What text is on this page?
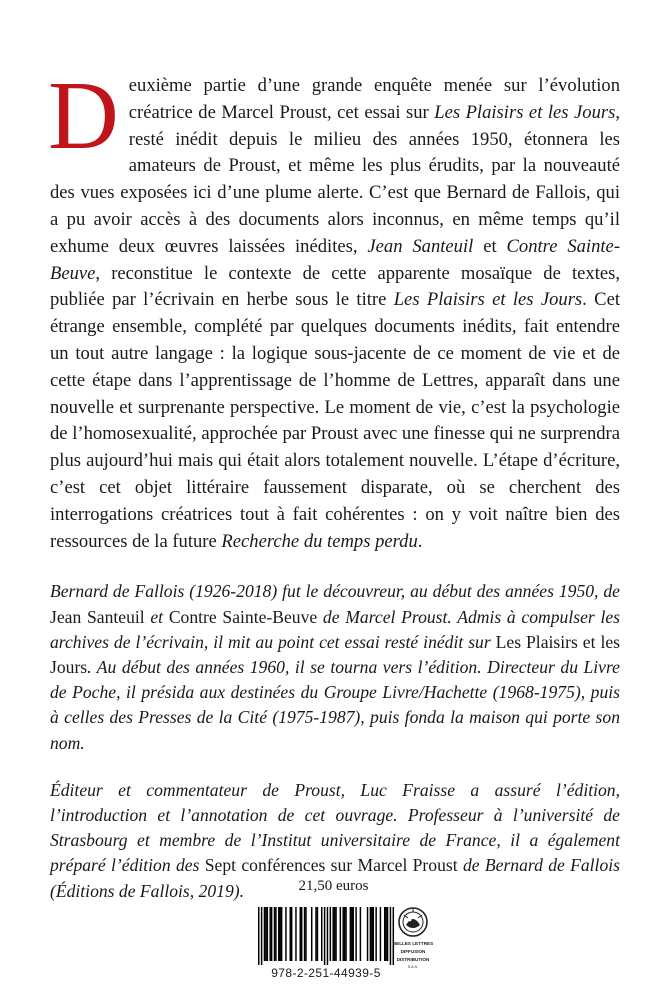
Deuxième partie d’une grande enquête menée sur l’évolution créatrice de Marcel Proust, cet essai sur Les Plaisirs et les Jours, resté inédit depuis le milieu des années 1950, étonnera les amateurs de Proust, et même les plus érudits, par la nouveauté des vues exposées ici d’une plume alerte. C’est que Bernard de Fallois, qui a pu avoir accès à des documents alors inconnus, en même temps qu’il exhume deux œuvres laissées inédites, Jean Santeuil et Contre Sainte-Beuve, reconstitue le contexte de cette apparente mosaïque de textes, publiée par l’écrivain en herbe sous le titre Les Plaisirs et les Jours. Cet étrange ensemble, complété par quelques documents inédits, fait entendre un tout autre langage : la logique sous-jacente de ce moment de vie et de cette étape dans l’apprentissage de l’homme de Lettres, apparaît dans une nouvelle et surprenante perspective. Le moment de vie, c’est la psychologie de l’homosexualité, approchée par Proust avec une finesse qui ne surprendra plus aujourd’hui mais qui était alors totalement nouvelle. L’étape d’écriture, c’est cet objet littéraire faussement disparate, où se cherchent des interrogations créatrices tout à fait cohérentes : on y voit naître bien des ressources de la future Recherche du temps perdu.

Bernard de Fallois (1926-2018) fut le découvreur, au début des années 1950, de Jean Santeuil et Contre Sainte-Beuve de Marcel Proust. Admis à compulser les archives de l’écrivain, il mit au point cet essai resté inédit sur Les Plaisirs et les Jours. Au début des années 1960, il se tourna vers l’édition. Directeur du Livre de Poche, il présida aux destinées du Groupe Livre/Hachette (1968-1975), puis à celles des Presses de la Cité (1975-1987), puis fonda la maison qui porte son nom.

Éditeur et commentateur de Proust, Luc Fraisse a assuré l’édition, l’introduction et l’annotation de cet ouvrage. Professeur à l’université de Strasbourg et membre de l’Institut universitaire de France, il a également préparé l’édition des Sept conférences sur Marcel Proust de Bernard de Fallois (Éditions de Fallois, 2019).	21,50 euros
978-2-251-44939-5
BELLES LETTRES
DIFFUSION
DISTRIBUTION
S.A.S.
